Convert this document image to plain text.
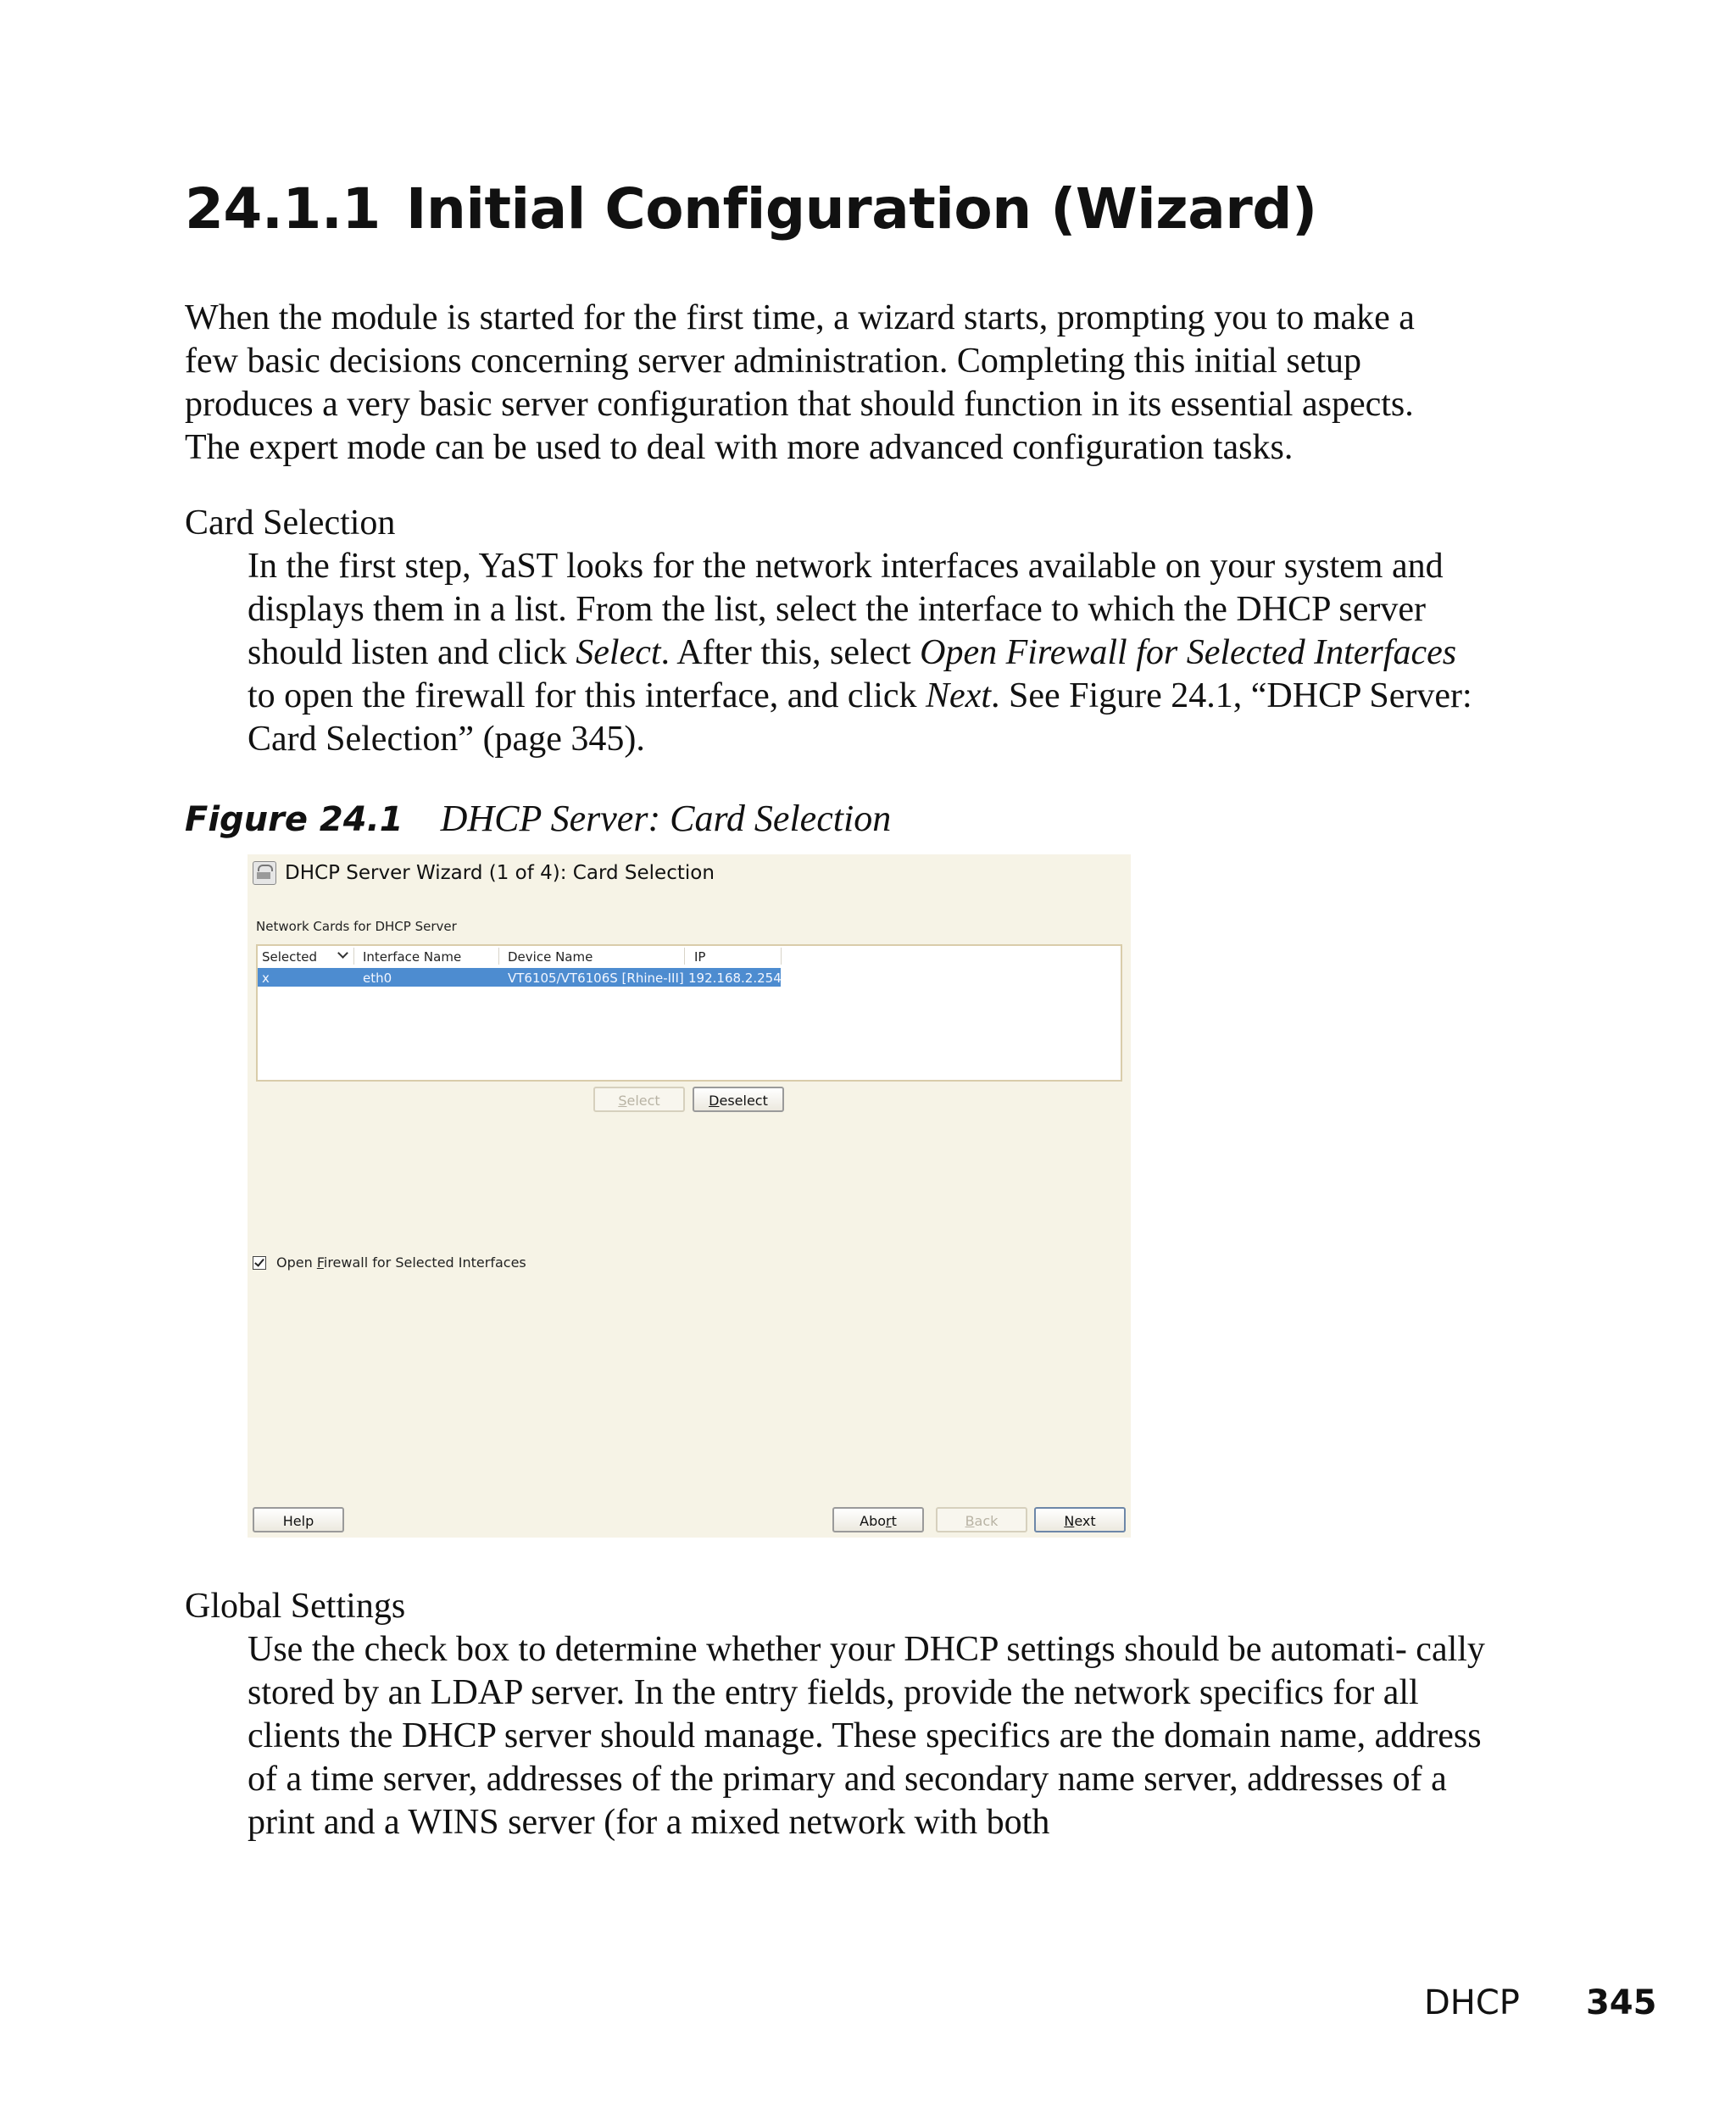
24.1.1 Initial Configuration (Wizard)

When the module is started for the first time, a wizard starts, prompting you to make a few basic decisions concerning server administration. Completing this initial setup produces a very basic server configuration that should function in its essential aspects. The expert mode can be used to deal with more advanced configuration tasks.

Card Selection

In the first step, YaST looks for the network interfaces available on your system and displays them in a list. From the list, select the interface to which the DHCP server should listen and click Select. After this, select Open Firewall for Selected Interfaces to open the firewall for this interface, and click Next. See Figure 24.1, “DHCP Server: Card Selection” (page 345).

Figure 24.1 DHCP Server: Card Selection

DHCP Server Wizard (1 of 4): Card Selection
Network Cards for DHCP Server
Selected	Interface Name	Device Name	IP
x	eth0	VT6105/VT6106S [Rhine-III] 192.168.2.254
Select	Deselect
Open Firewall for Selected Interfaces
Help	Abort	Back	Next

Global Settings

Use the check box to determine whether your DHCP settings should be automati- cally stored by an LDAP server. In the entry fields, provide the network specifics for all clients the DHCP server should manage. These specifics are the domain name, address of a time server, addresses of the primary and secondary name server, addresses of a print and a WINS server (for a mixed network with both

DHCP 345
